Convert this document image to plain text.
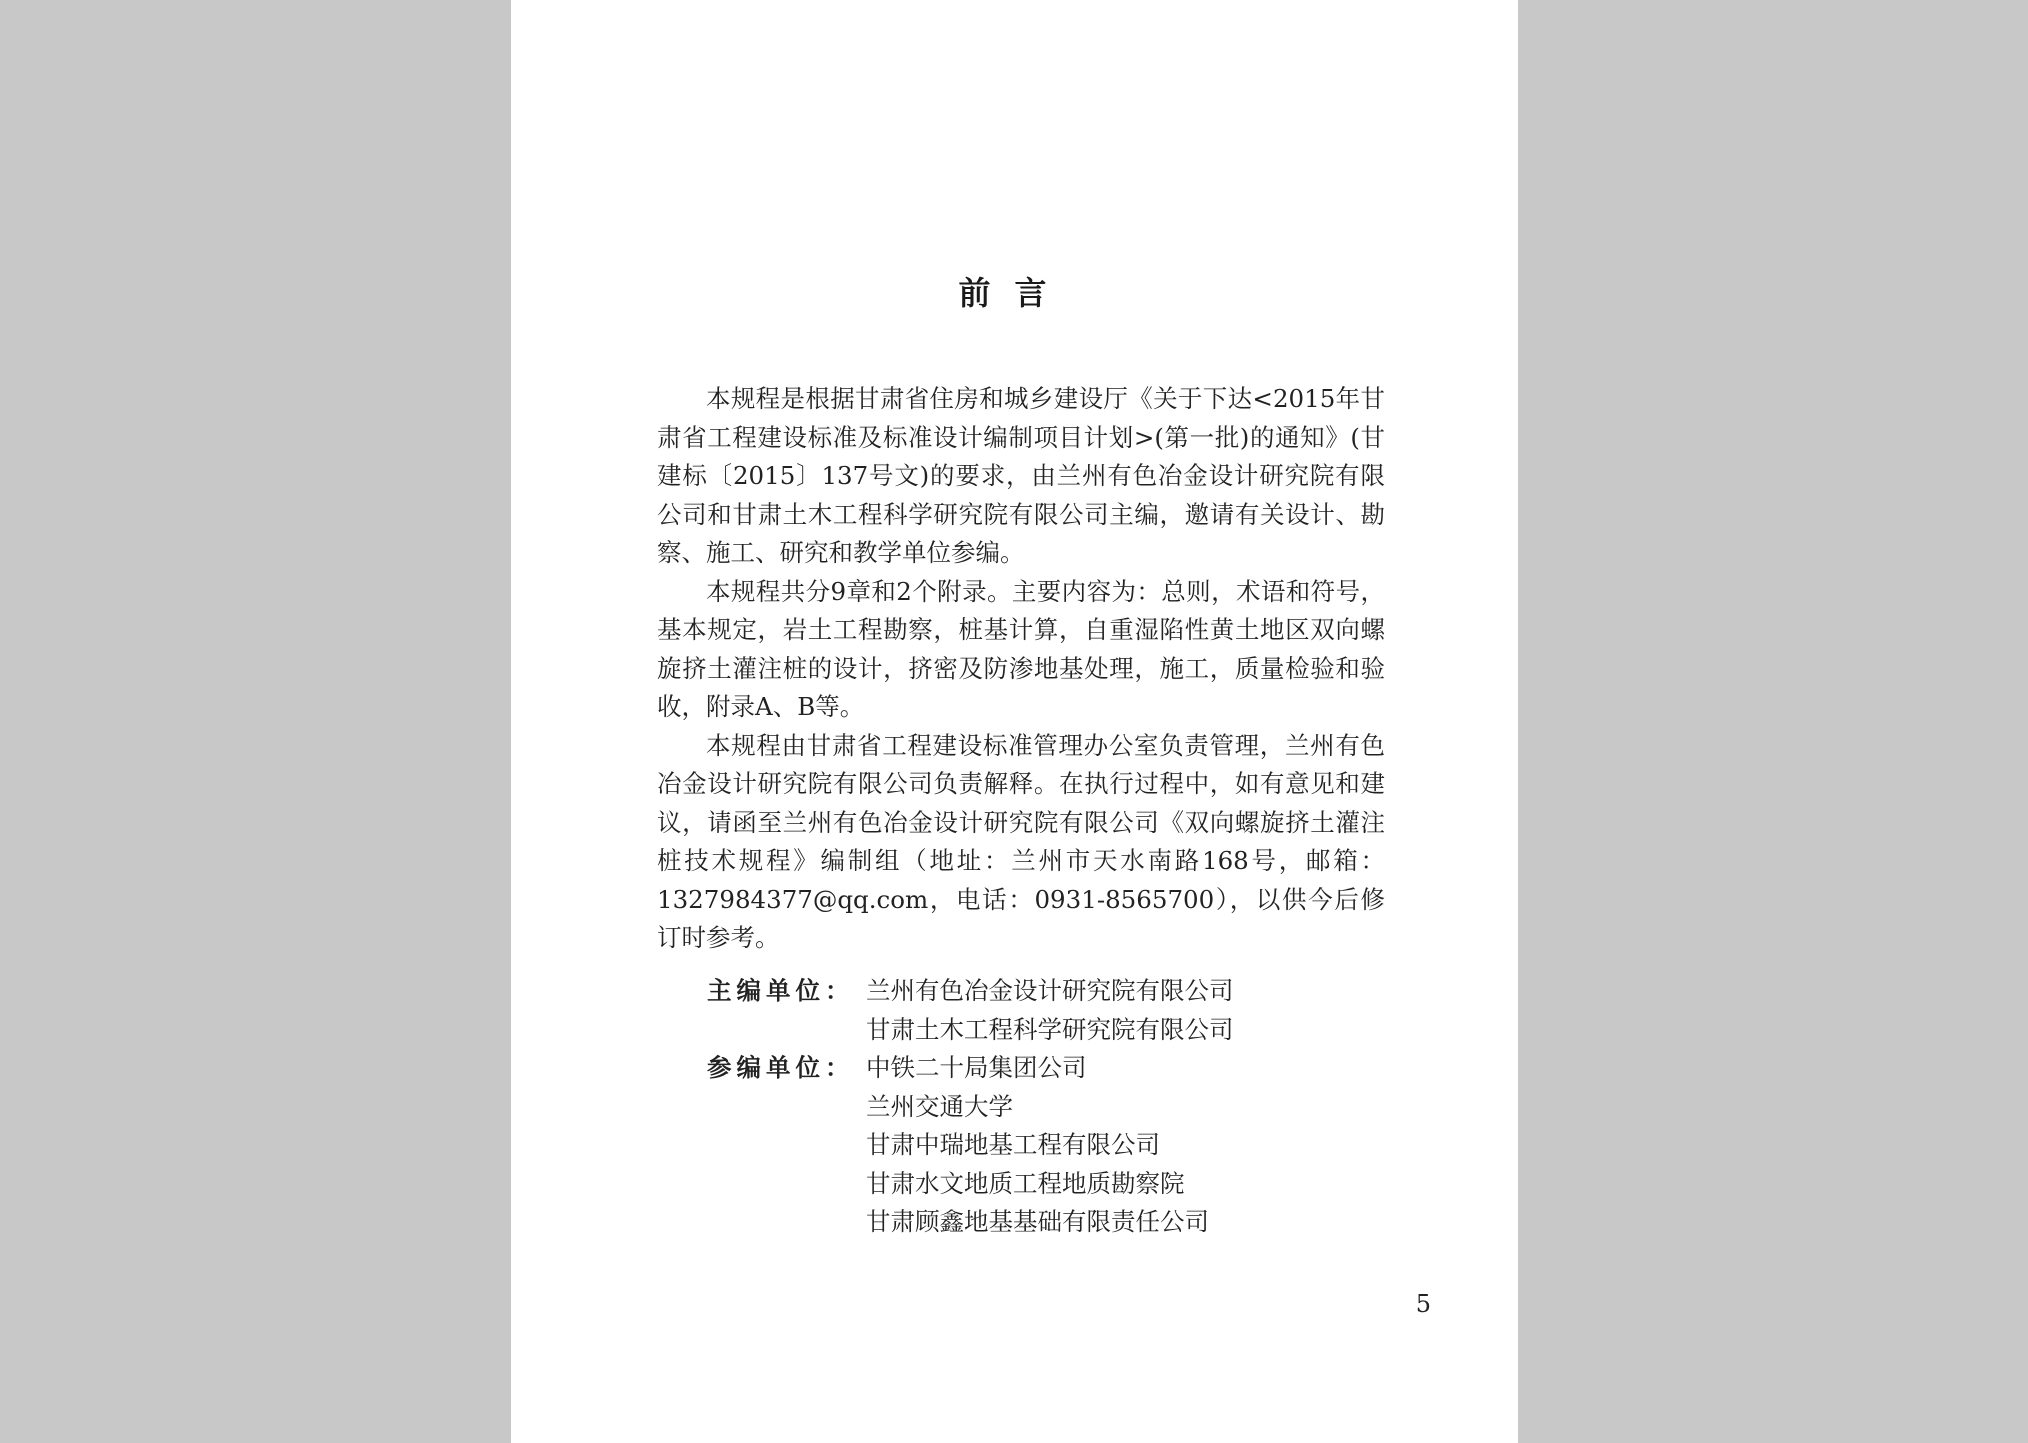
前言

本规程是根据甘肃省住房和城乡建设厅《关于下达<2015年甘肃省工程建设标准及标准设计编制项目计划>(第一批)的通知》(甘建标〔2015〕137号文)的要求，由兰州有色冶金设计研究院有限公司和甘肃土木工程科学研究院有限公司主编，邀请有关设计、勘察、施工、研究和教学单位参编。

本规程共分9章和2个附录。主要内容为：总则，术语和符号，基本规定，岩土工程勘察，桩基计算，自重湿陷性黄土地区双向螺旋挤土灌注桩的设计，挤密及防渗地基处理，施工，质量检验和验收，附录A、B等。

本规程由甘肃省工程建设标准管理办公室负责管理，兰州有色冶金设计研究院有限公司负责解释。在执行过程中，如有意见和建议，请函至兰州有色冶金设计研究院有限公司《双向螺旋挤土灌注桩技术规程》编制组（地址：兰州市天水南路168号，邮箱：1327984377@qq.com，电话：0931-8565700），以供今后修订时参考。

主编单位： 兰州有色冶金设计研究院有限公司
甘肃土木工程科学研究院有限公司
参编单位： 中铁二十局集团公司
兰州交通大学
甘肃中瑞地基工程有限公司
甘肃水文地质工程地质勘察院
甘肃顾鑫地基基础有限责任公司
5
